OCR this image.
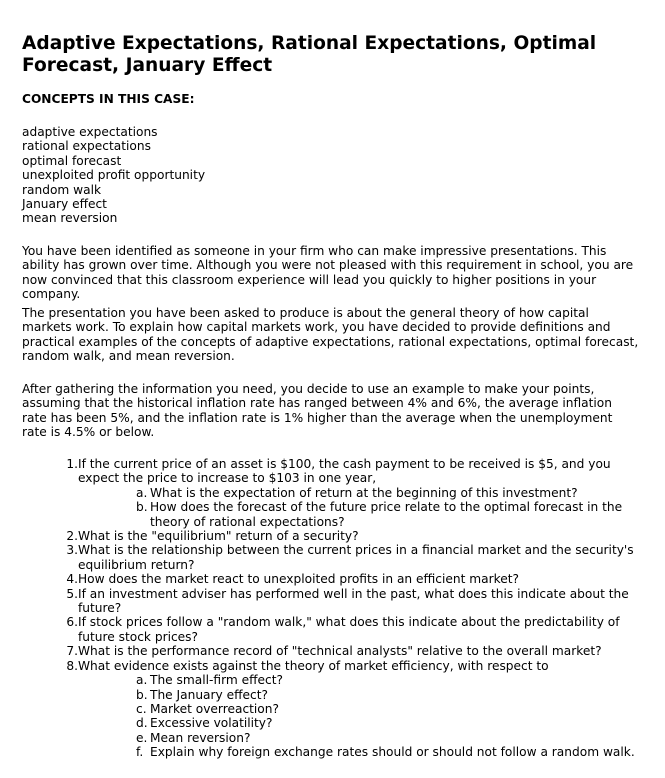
Adaptive Expectations, Rational Expectations, Optimal Forecast, January Effect

CONCEPTS IN THIS CASE:

adaptive expectations
rational expectations
optimal forecast
unexploited profit opportunity
random walk
January effect
mean reversion

You have been identified as someone in your firm who can make impressive presentations. This ability has grown over time. Although you were not pleased with this requirement in school, you are now convinced that this classroom experience will lead you quickly to higher positions in your company.

The presentation you have been asked to produce is about the general theory of how capital markets work. To explain how capital markets work, you have decided to provide definitions and practical examples of the concepts of adaptive expectations, rational expectations, optimal forecast, random walk, and mean reversion.

After gathering the information you need, you decide to use an example to make your points, assuming that the historical inflation rate has ranged between 4% and 6%, the average inflation rate has been 5%, and the inflation rate is 1% higher than the average when the unemployment rate is 4.5% or below.

1.If the current price of an asset is $100, the cash payment to be received is $5, and you expect the price to increase to $103 in one year,
a. What is the expectation of return at the beginning of this investment?
b. How does the forecast of the future price relate to the optimal forecast in the theory of rational expectations?
2.What is the "equilibrium" return of a security?
3.What is the relationship between the current prices in a financial market and the security's equilibrium return?
4.How does the market react to unexploited profits in an efficient market?
5.If an investment adviser has performed well in the past, what does this indicate about the future?
6.If stock prices follow a "random walk," what does this indicate about the predictability of future stock prices?
7.What is the performance record of "technical analysts" relative to the overall market?
8.What evidence exists against the theory of market efficiency, with respect to
a. The small-firm effect?
b. The January effect?
c. Market overreaction?
d. Excessive volatility?
e. Mean reversion?
f. Explain why foreign exchange rates should or should not follow a random walk.
